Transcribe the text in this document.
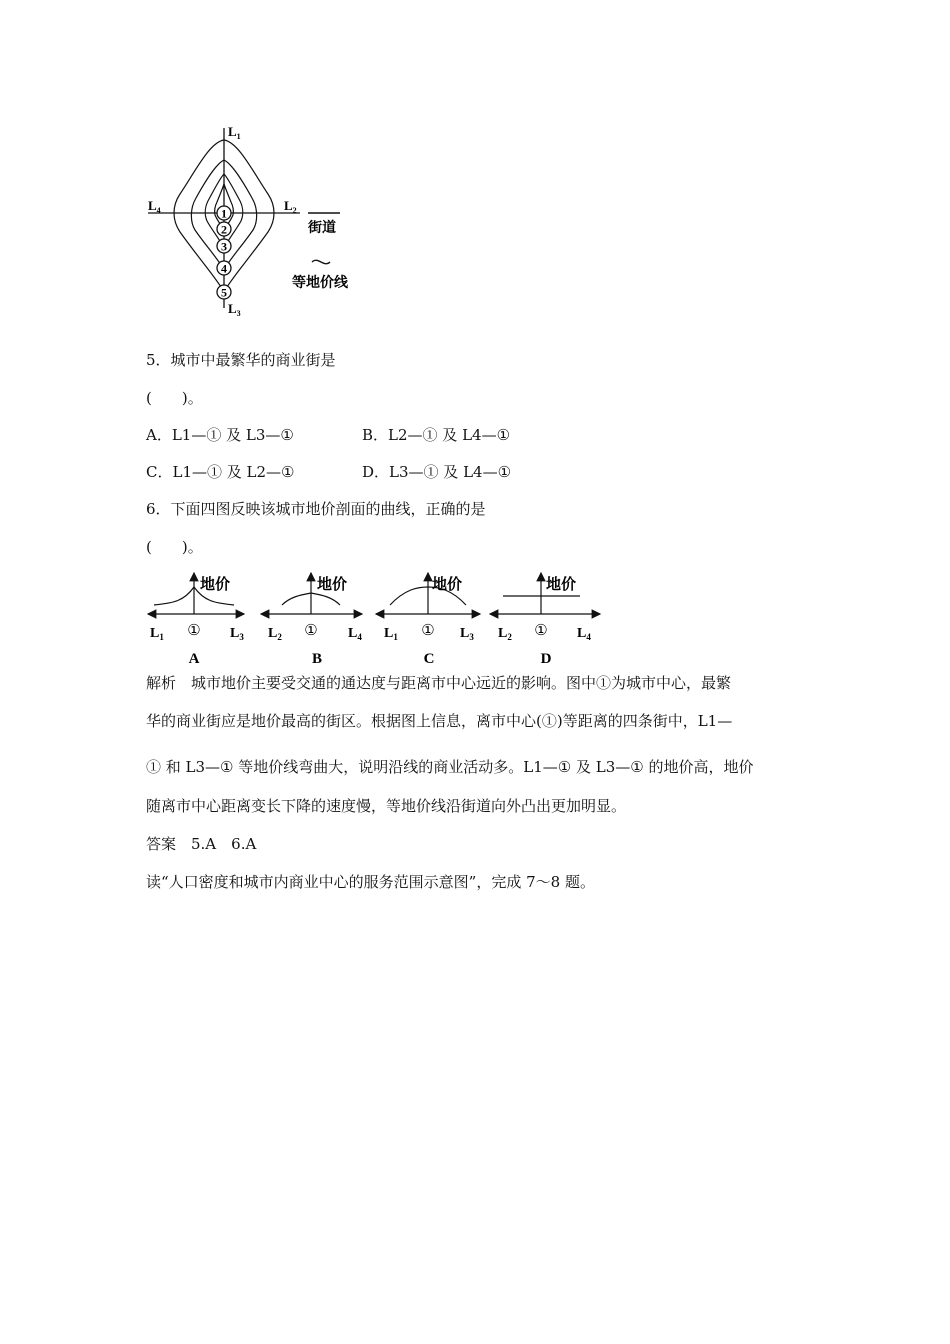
1
2
3
4
5
$L_1$
$L_2$
$L_3$
$L_4$
街道
等地价线
5．城市中最繁华的商业街是
(　　)。
A．L1—① 及 L3—①	B．L2—① 及 L4—①
C．L1—① 及 L2—①	D．L3—① 及 L4—①
6．下面四图反映该城市地价剖面的曲线，正确的是
(　　)。
地价
$L_1$ ① $L_3$
A
地价
$L_2$ ① $L_4$
B
地价
$L_1$ ① $L_3$
C
地价
$L_2$ ① $L_4$
D
解析　城市地价主要受交通的通达度与距离市中心远近的影响。图中①为城市中心，最繁
华的商业街应是地价最高的街区。根据图上信息，离市中心(①)等距离的四条街中，L1—
① 和 L3—① 等地价线弯曲大，说明沿线的商业活动多。L1—① 及 L3—① 的地价高，地价
随离市中心距离变长下降的速度慢，等地价线沿街道向外凸出更加明显。
答案　5.A　6.A
读“人口密度和城市内商业中心的服务范围示意图”，完成 7～8 题。
